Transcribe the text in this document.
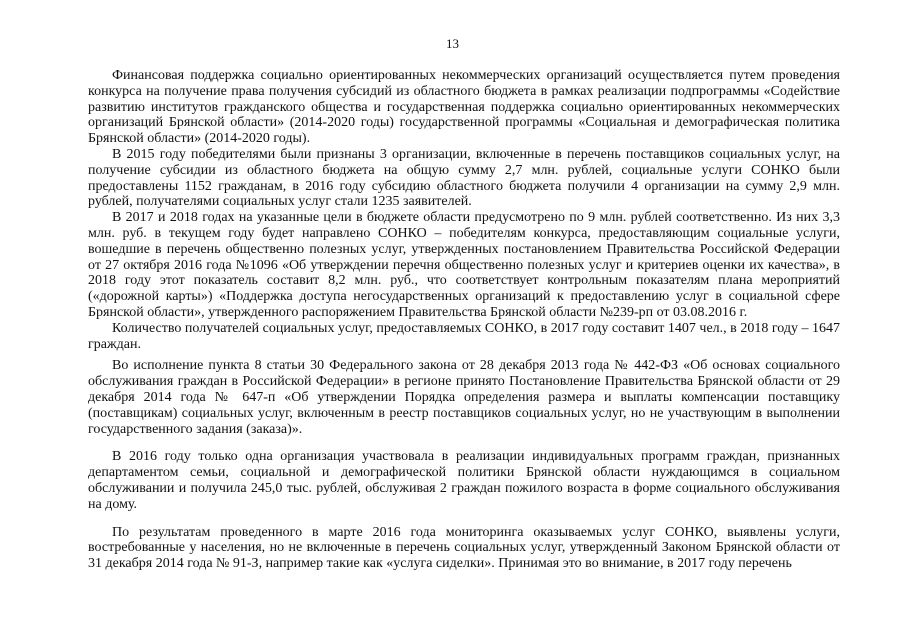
13

Финансовая поддержка социально ориентированных некоммерческих организаций осуществляется путем проведения конкурса на получение права получения субсидий из областного бюджета в рамках реализации подпрограммы «Содействие развитию институтов гражданского общества и государственная поддержка социально ориентированных некоммерческих организаций Брянской области» (2014-2020 годы) государственной программы «Социальная и демографическая политика Брянской области» (2014-2020 годы).

В 2015 году победителями были признаны 3 организации, включенные в перечень поставщиков социальных услуг, на получение субсидии из областного бюджета на общую сумму 2,7 млн. рублей, социальные услуги СОНКО были предоставлены 1152 гражданам, в 2016 году субсидию областного бюджета получили 4 организации на сумму 2,9 млн. рублей, получателями социальных услуг стали 1235 заявителей.

В 2017 и 2018 годах на указанные цели в бюджете области предусмотрено по 9 млн. рублей соответственно. Из них 3,3 млн. руб. в текущем году будет направлено СОНКО – победителям конкурса, предоставляющим социальные услуги, вошедшие в перечень общественно полезных услуг, утвержденных постановлением Правительства Российской Федерации от 27 октября 2016 года №1096 «Об утверждении перечня общественно полезных услуг и критериев оценки их качества», в 2018 году этот показатель составит 8,2 млн. руб., что соответствует контрольным показателям плана мероприятий («дорожной карты») «Поддержка доступа негосударственных организаций к предоставлению услуг в социальной сфере Брянской области», утвержденного распоряжением Правительства Брянской области №239-рп от 03.08.2016 г.

Количество получателей социальных услуг, предоставляемых СОНКО, в 2017 году составит 1407 чел., в 2018 году – 1647 граждан.

Во исполнение пункта 8 статьи 30 Федерального закона от 28 декабря 2013 года № 442-ФЗ «Об основах социального обслуживания граждан в Российской Федерации» в регионе принято Постановление Правительства Брянской области от 29 декабря 2014 года № 647-п «Об утверждении Порядка определения размера и выплаты компенсации поставщику (поставщикам) социальных услуг, включенным в реестр поставщиков социальных услуг, но не участвующим в выполнении государственного задания (заказа)».

В 2016 году только одна организация участвовала в реализации индивидуальных программ граждан, признанных департаментом семьи, социальной и демографической политики Брянской области нуждающимся в социальном обслуживании и получила 245,0 тыс. рублей, обслуживая 2 граждан пожилого возраста в форме социального обслуживания на дому.

По результатам проведенного в марте 2016 года мониторинга оказываемых услуг СОНКО, выявлены услуги, востребованные у населения, но не включенные в перечень социальных услуг, утвержденный Законом Брянской области от 31 декабря 2014 года № 91-З, например такие как «услуга сиделки». Принимая это во внимание, в 2017 году перечень
